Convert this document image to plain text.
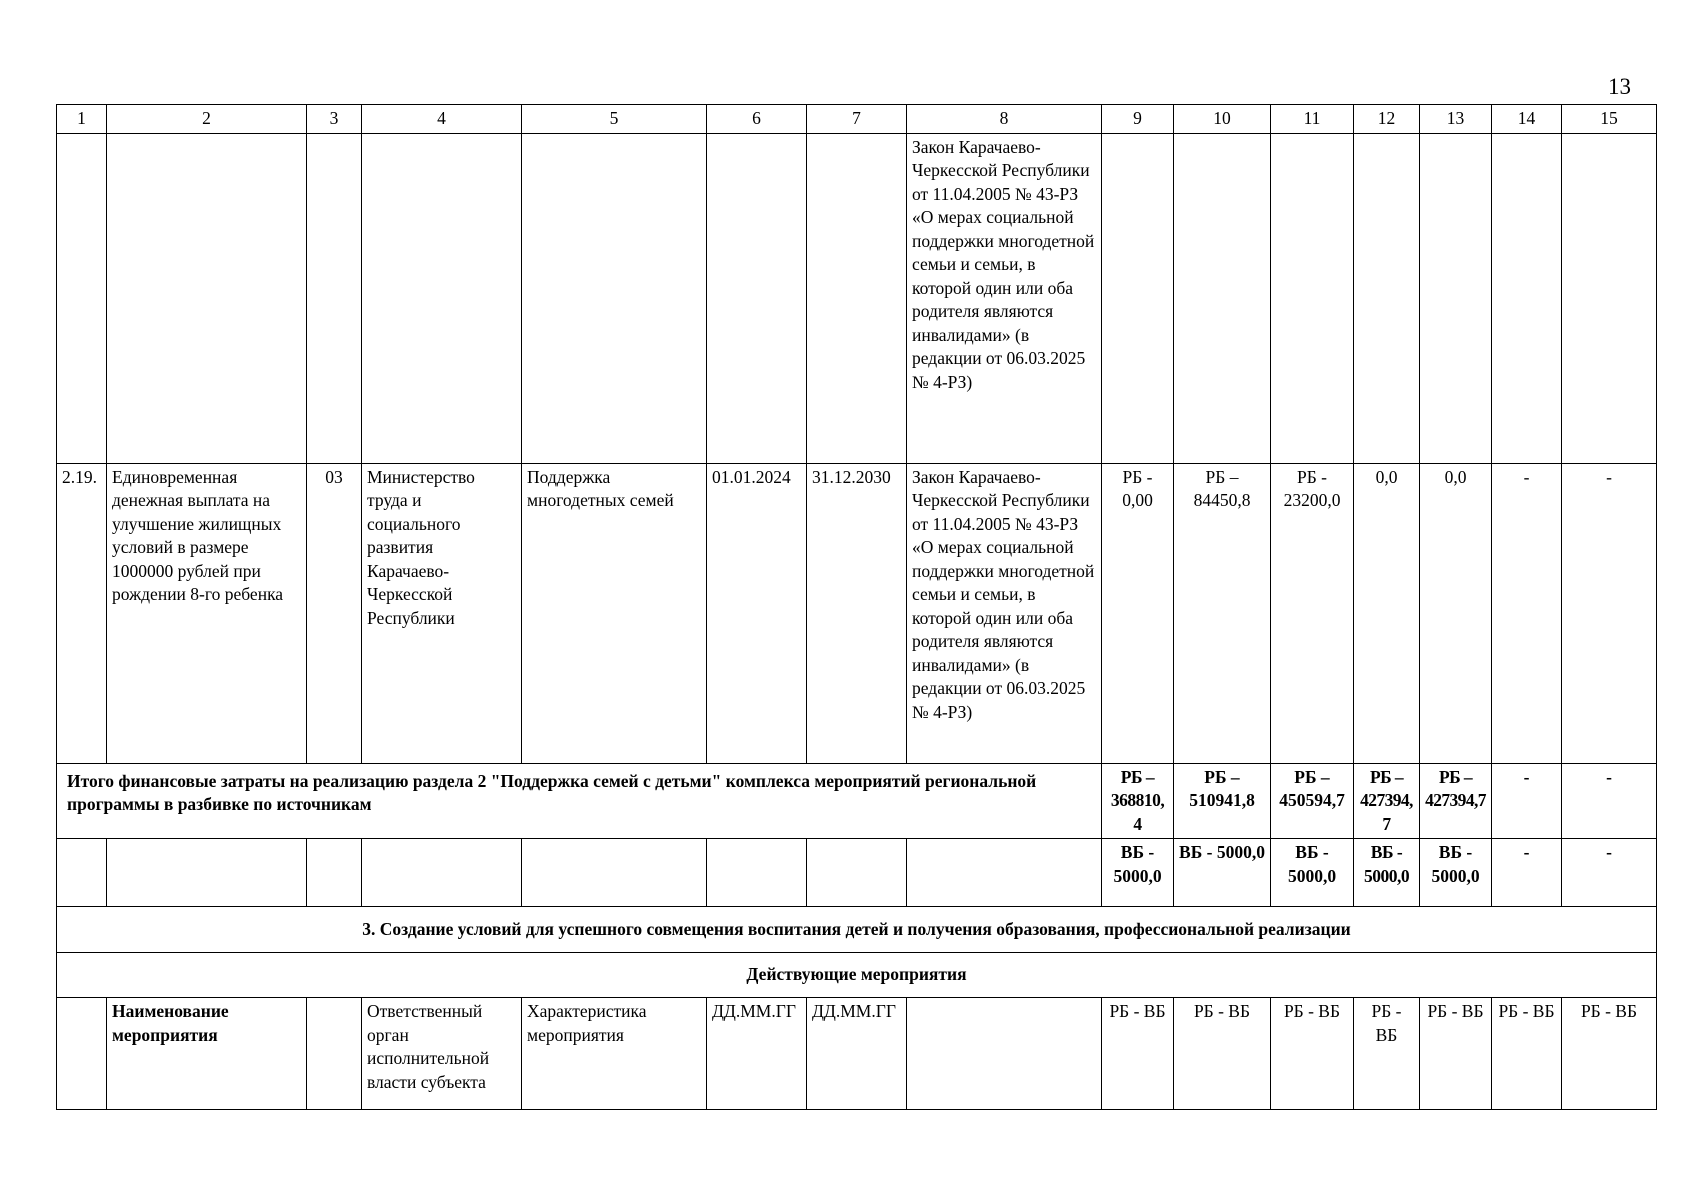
13
1	2	3	4	5	6	7	8	9	10	11	12	13	14	15
							Закон Карачаево-Черкесской Республики от 11.04.2005 № 43-РЗ «О мерах социальной поддержки многодетной семьи и семьи, в которой один или оба родителя являются инвалидами» (в редакции от 06.03.2025 № 4-РЗ)							
2.19.	Единовременная денежная выплата на улучшение жилищных условий в размере 1000000 рублей при рождении 8-го ребенка	03	Министерство труда и социального развития Карачаево-Черкесской Республики	Поддержка многодетных семей	01.01.2024	31.12.2030	Закон Карачаево-Черкесской Республики от 11.04.2005 № 43-РЗ «О мерах социальной поддержки многодетной семьи и семьи, в которой один или оба родителя являются инвалидами» (в редакции от 06.03.2025 № 4-РЗ)	РБ - 0,00	РБ – 84450,8	РБ - 23200,0	0,0	0,0	-	-
Итого финансовые затраты на реализацию раздела 2 "Поддержка семей с детьми" комплекса мероприятий региональной программы в разбивке по источникам								РБ – 368810,4	РБ – 510941,8	РБ – 450594,7	РБ – 427394,7	РБ – 427394,7	-	-
								ВБ - 5000,0	ВБ - 5000,0	ВБ - 5000,0	ВБ - 5000,0	ВБ - 5000,0	-	-
3. Создание условий для успешного совмещения воспитания детей и получения образования, профессиональной реализации														
Действующие мероприятия														
	Наименование мероприятия		Ответственный орган исполнительной власти субъекта	Характеристика мероприятия	ДД.ММ.ГГ	ДД.ММ.ГГ		РБ - ВБ	РБ - ВБ	РБ - ВБ	РБ - ВБ	РБ - ВБ	РБ - ВБ	РБ - ВБ
